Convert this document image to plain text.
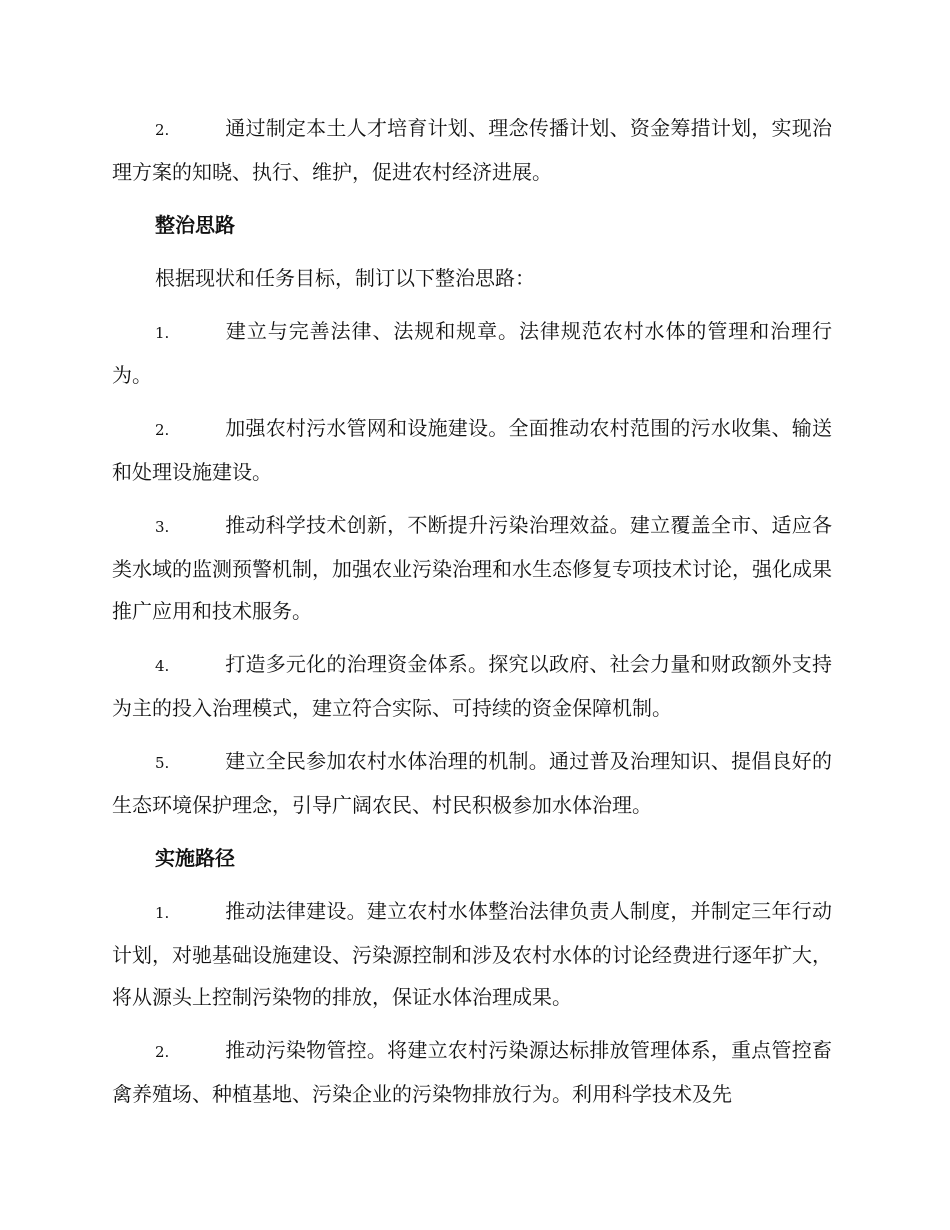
2.	通过制定本土人才培育计划、理念传播计划、资金筹措计划，实现治理方案的知晓、执行、维护，促进农村经济进展。

整治思路

根据现状和任务目标，制订以下整治思路：

1.	建立与完善法律、法规和规章。法律规范农村水体的管理和治理行为。

2.	加强农村污水管网和设施建设。全面推动农村范围的污水收集、输送和处理设施建设。

3.	推动科学技术创新，不断提升污染治理效益。建立覆盖全市、适应各类水域的监测预警机制，加强农业污染治理和水生态修复专项技术讨论，强化成果推广应用和技术服务。

4.	打造多元化的治理资金体系。探究以政府、社会力量和财政额外支持为主的投入治理模式，建立符合实际、可持续的资金保障机制。

5.	建立全民参加农村水体治理的机制。通过普及治理知识、提倡良好的生态环境保护理念，引导广阔农民、村民积极参加水体治理。

实施路径

1.	推动法律建设。建立农村水体整治法律负责人制度，并制定三年行动计划，对驰基础设施建设、污染源控制和涉及农村水体的讨论经费进行逐年扩大，将从源头上控制污染物的排放，保证水体治理成果。

2.	推动污染物管控。将建立农村污染源达标排放管理体系，重点管控畜禽养殖场、种植基地、污染企业的污染物排放行为。利用科学技术及先
